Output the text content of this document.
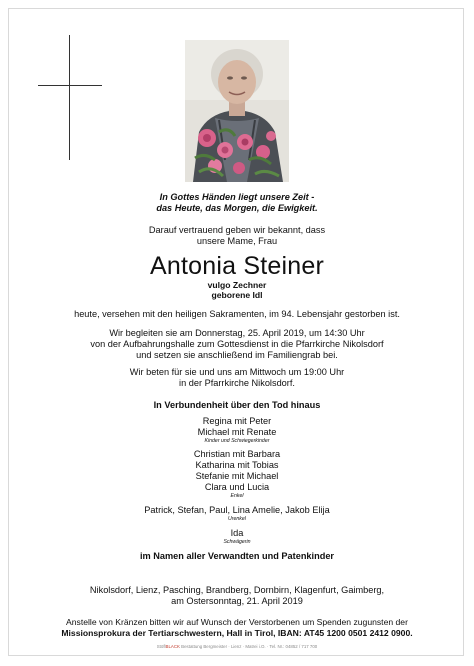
In Gottes Händen liegt unsere Zeit -
das Heute, das Morgen, die Ewigkeit.
Darauf vertrauend geben wir bekannt, dass
unsere Mame, Frau
Antonia Steiner
vulgo Zechner
geborene Idl
heute, versehen mit den heiligen Sakramenten, im 94. Lebensjahr gestorben ist.
Wir begleiten sie am Donnerstag, 25. April 2019, um 14:30 Uhr
von der Aufbahrungshalle zum Gottesdienst in die Pfarrkirche Nikolsdorf
und setzen sie anschließend im Familiengrab bei.
Wir beten für sie und uns am Mittwoch um 19:00 Uhr
in der Pfarrkirche Nikolsdorf.
In Verbundenheit über den Tod hinaus
Regina mit Peter
Michael mit Renate
Kinder und Schwiegerkinder
Christian mit Barbara
Katharina mit Tobias
Stefanie mit Michael
Clara und Lucia
Enkel
Patrick, Stefan, Paul, Lina Amelie, Jakob Elija
Urenkel
Ida
Schwägerin
im Namen aller Verwandten und Patenkinder
Nikolsdorf, Lienz, Pasching, Brandberg, Dornbirn, Klagenfurt, Gaimberg,
am Ostersonntag, 21. April 2019
Anstelle von Kränzen bitten wir auf Wunsch der Verstorbenen um Spenden zugunsten der
Missionsprokura der Tertiarschwestern, Hall in Tirol, IBAN: AT45 1200 0501 2412 0900.
StöflBLACK Bestattung Bergmeister · Lienz · Matrei i.O. · Tel. Nr.: 04852 / 717 700
